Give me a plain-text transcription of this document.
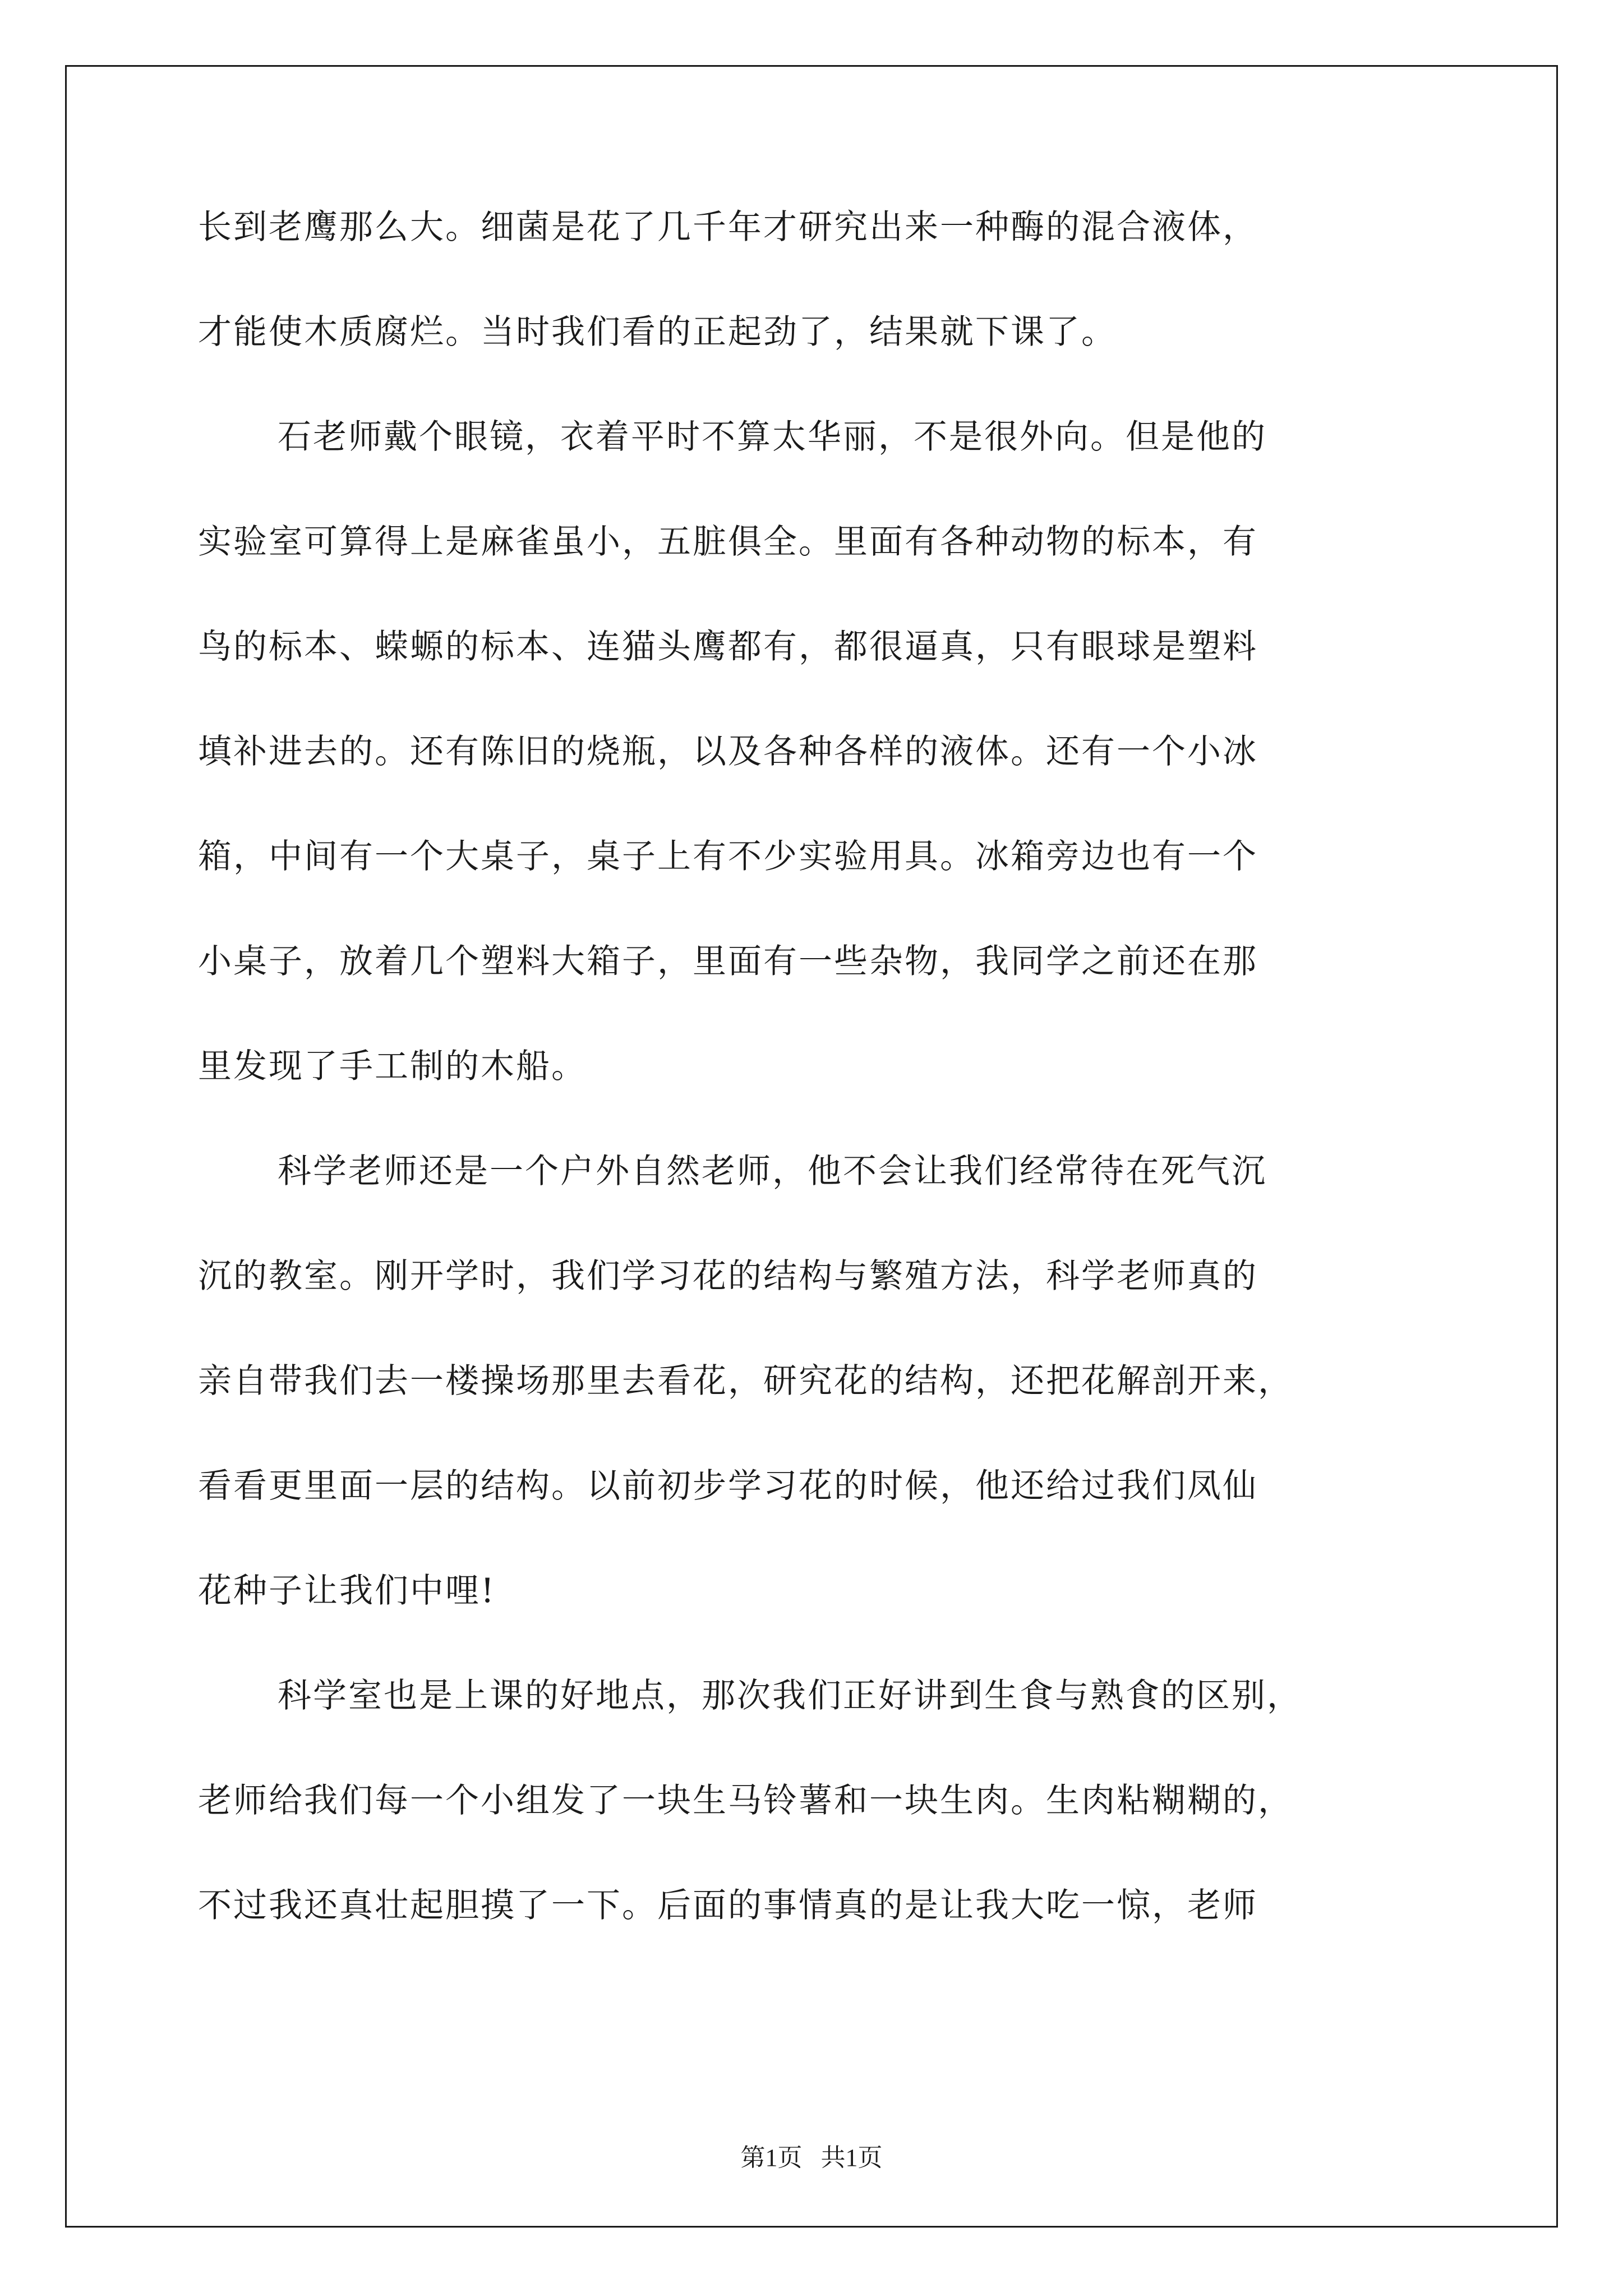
长到老鹰那么大。细菌是花了几千年才研究出来一种酶的混合液体，
才能使木质腐烂。当时我们看的正起劲了，结果就下课了。
石老师戴个眼镜，衣着平时不算太华丽，不是很外向。但是他的
实验室可算得上是麻雀虽小，五脏俱全。里面有各种动物的标本，有
鸟的标本、蝾螈的标本、连猫头鹰都有，都很逼真，只有眼球是塑料
填补进去的。还有陈旧的烧瓶，以及各种各样的液体。还有一个小冰
箱，中间有一个大桌子，桌子上有不少实验用具。冰箱旁边也有一个
小桌子，放着几个塑料大箱子，里面有一些杂物，我同学之前还在那
里发现了手工制的木船。
科学老师还是一个户外自然老师，他不会让我们经常待在死气沉
沉的教室。刚开学时，我们学习花的结构与繁殖方法，科学老师真的
亲自带我们去一楼操场那里去看花，研究花的结构，还把花解剖开来，
看看更里面一层的结构。以前初步学习花的时候，他还给过我们凤仙
花种子让我们中哩!
科学室也是上课的好地点，那次我们正好讲到生食与熟食的区别，
老师给我们每一个小组发了一块生马铃薯和一块生肉。生肉粘糊糊的，
不过我还真壮起胆摸了一下。后面的事情真的是让我大吃一惊，老师
第1页   共1页
